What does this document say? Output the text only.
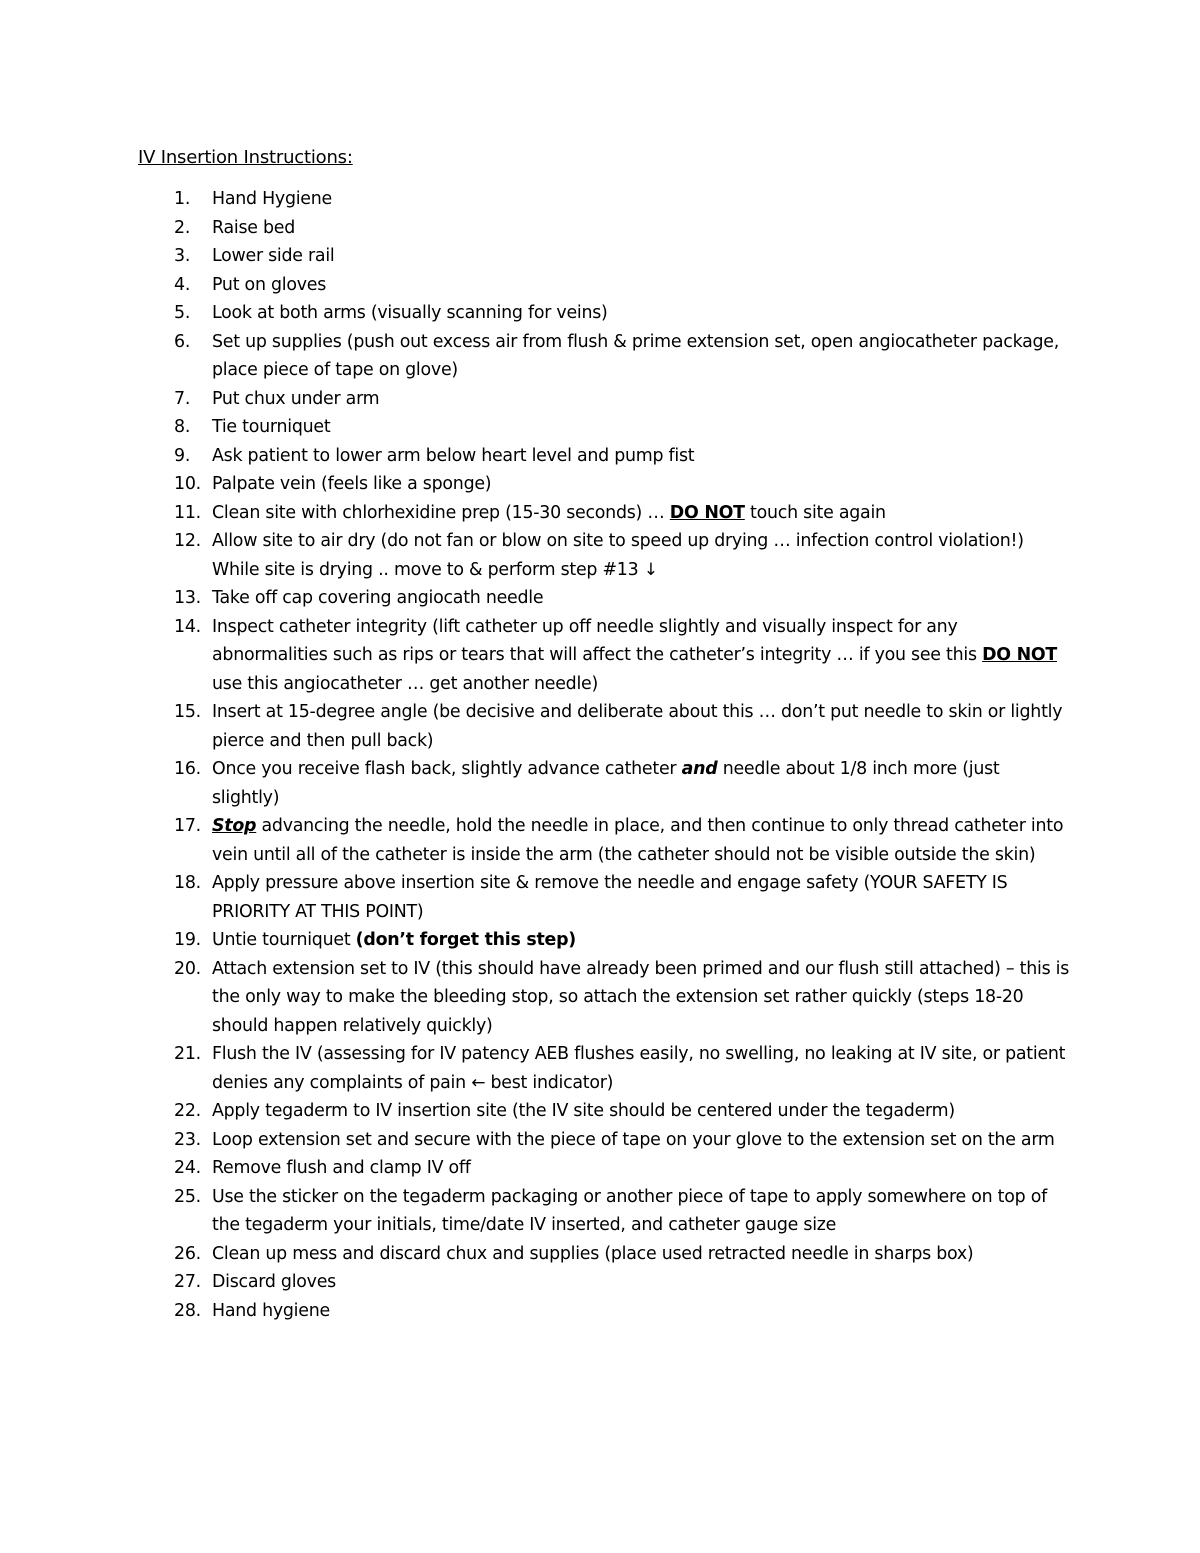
IV Insertion Instructions:
1. Hand Hygiene
2. Raise bed
3. Lower side rail
4. Put on gloves
5. Look at both arms (visually scanning for veins)
6. Set up supplies (push out excess air from flush & prime extension set, open angiocatheter package, place piece of tape on glove)
7. Put chux under arm
8. Tie tourniquet
9. Ask patient to lower arm below heart level and pump fist
10. Palpate vein (feels like a sponge)
11. Clean site with chlorhexidine prep (15-30 seconds) … DO NOT touch site again
12. Allow site to air dry (do not fan or blow on site to speed up drying … infection control violation!)
While site is drying .. move to & perform step #13 ↓
13. Take off cap covering angiocath needle
14. Inspect catheter integrity (lift catheter up off needle slightly and visually inspect for any abnormalities such as rips or tears that will affect the catheter’s integrity … if you see this DO NOT use this angiocatheter … get another needle)
15. Insert at 15-degree angle (be decisive and deliberate about this … don’t put needle to skin or lightly pierce and then pull back)
16. Once you receive flash back, slightly advance catheter and needle about 1/8 inch more (just slightly)
17. Stop advancing the needle, hold the needle in place, and then continue to only thread catheter into vein until all of the catheter is inside the arm (the catheter should not be visible outside the skin)
18. Apply pressure above insertion site & remove the needle and engage safety (YOUR SAFETY IS PRIORITY AT THIS POINT)
19. Untie tourniquet (don’t forget this step)
20. Attach extension set to IV (this should have already been primed and our flush still attached) – this is the only way to make the bleeding stop, so attach the extension set rather quickly (steps 18-20 should happen relatively quickly)
21. Flush the IV (assessing for IV patency AEB flushes easily, no swelling, no leaking at IV site, or patient denies any complaints of pain ← best indicator)
22. Apply tegaderm to IV insertion site (the IV site should be centered under the tegaderm)
23. Loop extension set and secure with the piece of tape on your glove to the extension set on the arm
24. Remove flush and clamp IV off
25. Use the sticker on the tegaderm packaging or another piece of tape to apply somewhere on top of the tegaderm your initials, time/date IV inserted, and catheter gauge size
26. Clean up mess and discard chux and supplies (place used retracted needle in sharps box)
27. Discard gloves
28. Hand hygiene
